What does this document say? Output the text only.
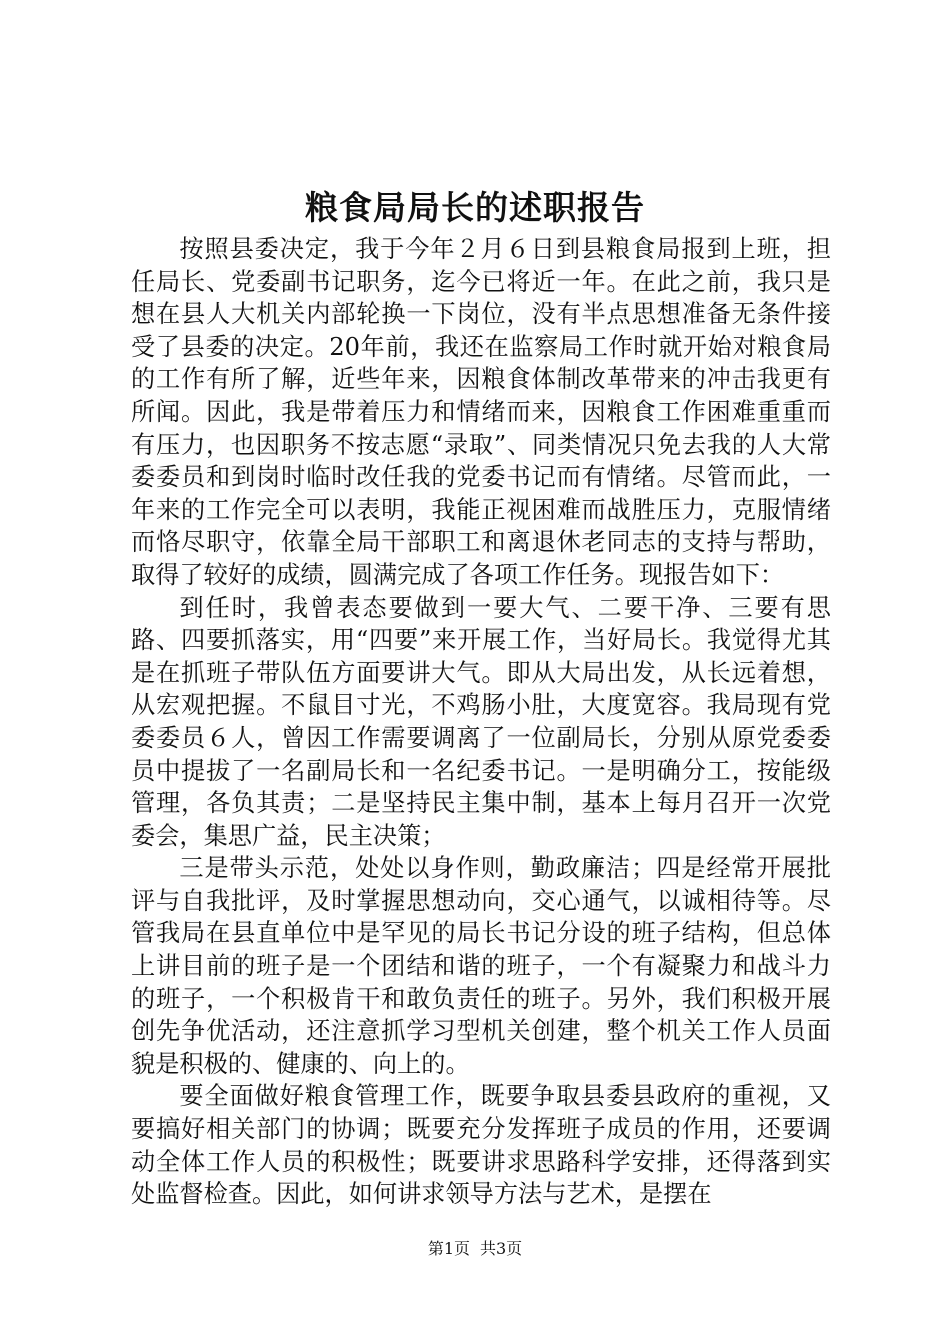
粮食局局长的述职报告

按照县委决定，我于今年２月６日到县粮食局报到上班，担任局长、党委副书记职务，迄今已将近一年。在此之前，我只是想在县人大机关内部轮换一下岗位，没有半点思想准备无条件接受了县委的决定。20年前，我还在监察局工作时就开始对粮食局的工作有所了解，近些年来，因粮食体制改革带来的冲击我更有所闻。因此，我是带着压力和情绪而来，因粮食工作困难重重而有压力，也因职务不按志愿“录取”、同类情况只免去我的人大常委委员和到岗时临时改任我的党委书记而有情绪。尽管而此，一年来的工作完全可以表明，我能正视困难而战胜压力，克服情绪而恪尽职守，依靠全局干部职工和离退休老同志的支持与帮助，取得了较好的成绩，圆满完成了各项工作任务。现报告如下：

到任时，我曾表态要做到一要大气、二要干净、三要有思路、四要抓落实，用“四要”来开展工作，当好局长。我觉得尤其是在抓班子带队伍方面要讲大气。即从大局出发，从长远着想，从宏观把握。不鼠目寸光，不鸡肠小肚，大度宽容。我局现有党委委员６人，曾因工作需要调离了一位副局长，分别从原党委委员中提拔了一名副局长和一名纪委书记。一是明确分工，按能级管理，各负其责；二是坚持民主集中制，基本上每月召开一次党委会，集思广益，民主决策；

三是带头示范，处处以身作则，勤政廉洁；四是经常开展批评与自我批评，及时掌握思想动向，交心通气，以诚相待等。尽管我局在县直单位中是罕见的局长书记分设的班子结构，但总体上讲目前的班子是一个团结和谐的班子，一个有凝聚力和战斗力的班子，一个积极肯干和敢负责任的班子。另外，我们积极开展创先争优活动，还注意抓学习型机关创建，整个机关工作人员面貌是积极的、健康的、向上的。

要全面做好粮食管理工作，既要争取县委县政府的重视，又要搞好相关部门的协调；既要充分发挥班子成员的作用，还要调动全体工作人员的积极性；既要讲求思路科学安排，还得落到实处监督检查。因此，如何讲求领导方法与艺术，是摆在

第1页 共3页
